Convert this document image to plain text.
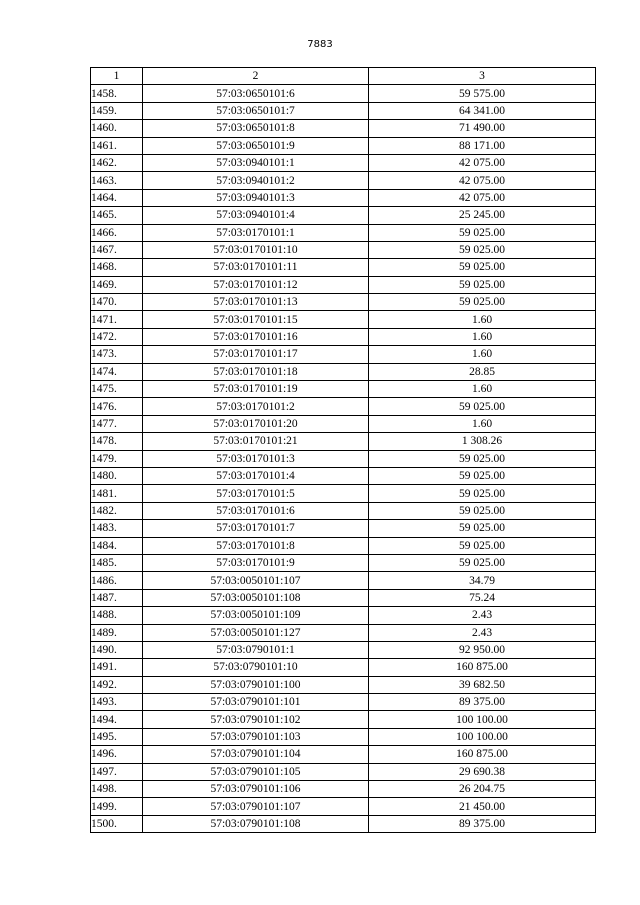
7883
1	2	3
1458.	57:03:0650101:6	59 575.00
1459.	57:03:0650101:7	64 341.00
1460.	57:03:0650101:8	71 490.00
1461.	57:03:0650101:9	88 171.00
1462.	57:03:0940101:1	42 075.00
1463.	57:03:0940101:2	42 075.00
1464.	57:03:0940101:3	42 075.00
1465.	57:03:0940101:4	25 245.00
1466.	57:03:0170101:1	59 025.00
1467.	57:03:0170101:10	59 025.00
1468.	57:03:0170101:11	59 025.00
1469.	57:03:0170101:12	59 025.00
1470.	57:03:0170101:13	59 025.00
1471.	57:03:0170101:15	1.60
1472.	57:03:0170101:16	1.60
1473.	57:03:0170101:17	1.60
1474.	57:03:0170101:18	28.85
1475.	57:03:0170101:19	1.60
1476.	57:03:0170101:2	59 025.00
1477.	57:03:0170101:20	1.60
1478.	57:03:0170101:21	1 308.26
1479.	57:03:0170101:3	59 025.00
1480.	57:03:0170101:4	59 025.00
1481.	57:03:0170101:5	59 025.00
1482.	57:03:0170101:6	59 025.00
1483.	57:03:0170101:7	59 025.00
1484.	57:03:0170101:8	59 025.00
1485.	57:03:0170101:9	59 025.00
1486.	57:03:0050101:107	34.79
1487.	57:03:0050101:108	75.24
1488.	57:03:0050101:109	2.43
1489.	57:03:0050101:127	2.43
1490.	57:03:0790101:1	92 950.00
1491.	57:03:0790101:10	160 875.00
1492.	57:03:0790101:100	39 682.50
1493.	57:03:0790101:101	89 375.00
1494.	57:03:0790101:102	100 100.00
1495.	57:03:0790101:103	100 100.00
1496.	57:03:0790101:104	160 875.00
1497.	57:03:0790101:105	29 690.38
1498.	57:03:0790101:106	26 204.75
1499.	57:03:0790101:107	21 450.00
1500.	57:03:0790101:108	89 375.00
